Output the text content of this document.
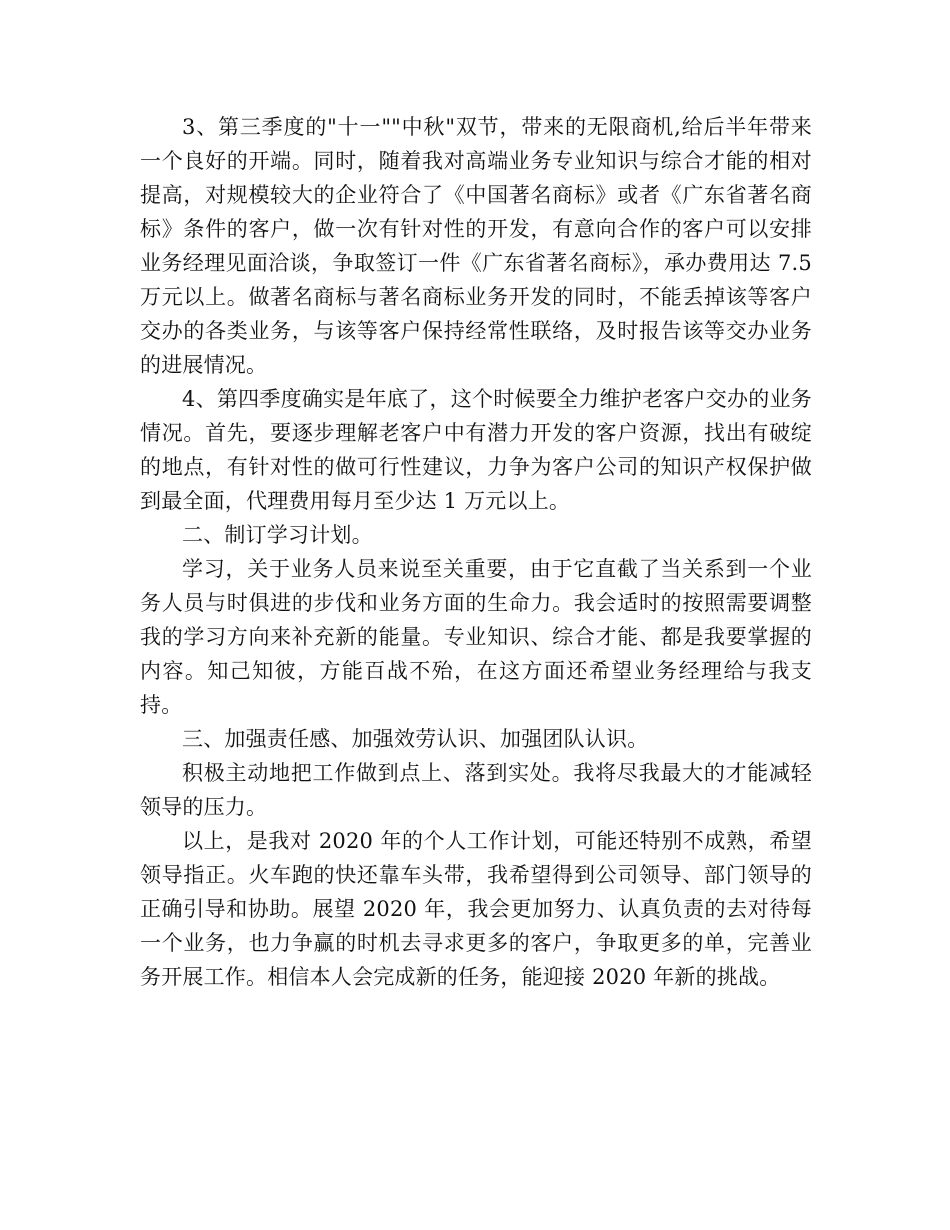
3、第三季度的"十一""中秋"双节，带来的无限商机,给后半年带来一个良好的开端。同时，随着我对高端业务专业知识与综合才能的相对提高，对规模较大的企业符合了《中国著名商标》或者《广东省著名商标》条件的客户，做一次有针对性的开发，有意向合作的客户可以安排业务经理见面洽谈，争取签订一件《广东省著名商标》，承办费用达 7.5 万元以上。做著名商标与著名商标业务开发的同时，不能丢掉该等客户交办的各类业务，与该等客户保持经常性联络，及时报告该等交办业务的进展情况。

4、第四季度确实是年底了，这个时候要全力维护老客户交办的业务情况。首先，要逐步理解老客户中有潜力开发的客户资源，找出有破绽的地点，有针对性的做可行性建议，力争为客户公司的知识产权保护做到最全面，代理费用每月至少达 1 万元以上。

二、制订学习计划。

学习，关于业务人员来说至关重要，由于它直截了当关系到一个业务人员与时俱进的步伐和业务方面的生命力。我会适时的按照需要调整我的学习方向来补充新的能量。专业知识、综合才能、都是我要掌握的内容。知己知彼，方能百战不殆，在这方面还希望业务经理给与我支持。

三、加强责任感、加强效劳认识、加强团队认识。

积极主动地把工作做到点上、落到实处。我将尽我最大的才能减轻领导的压力。

以上，是我对 2020 年的个人工作计划，可能还特别不成熟，希望领导指正。火车跑的快还靠车头带，我希望得到公司领导、部门领导的正确引导和协助。展望 2020 年，我会更加努力、认真负责的去对待每一个业务，也力争赢的时机去寻求更多的客户，争取更多的单，完善业务开展工作。相信本人会完成新的任务，能迎接 2020 年新的挑战。
